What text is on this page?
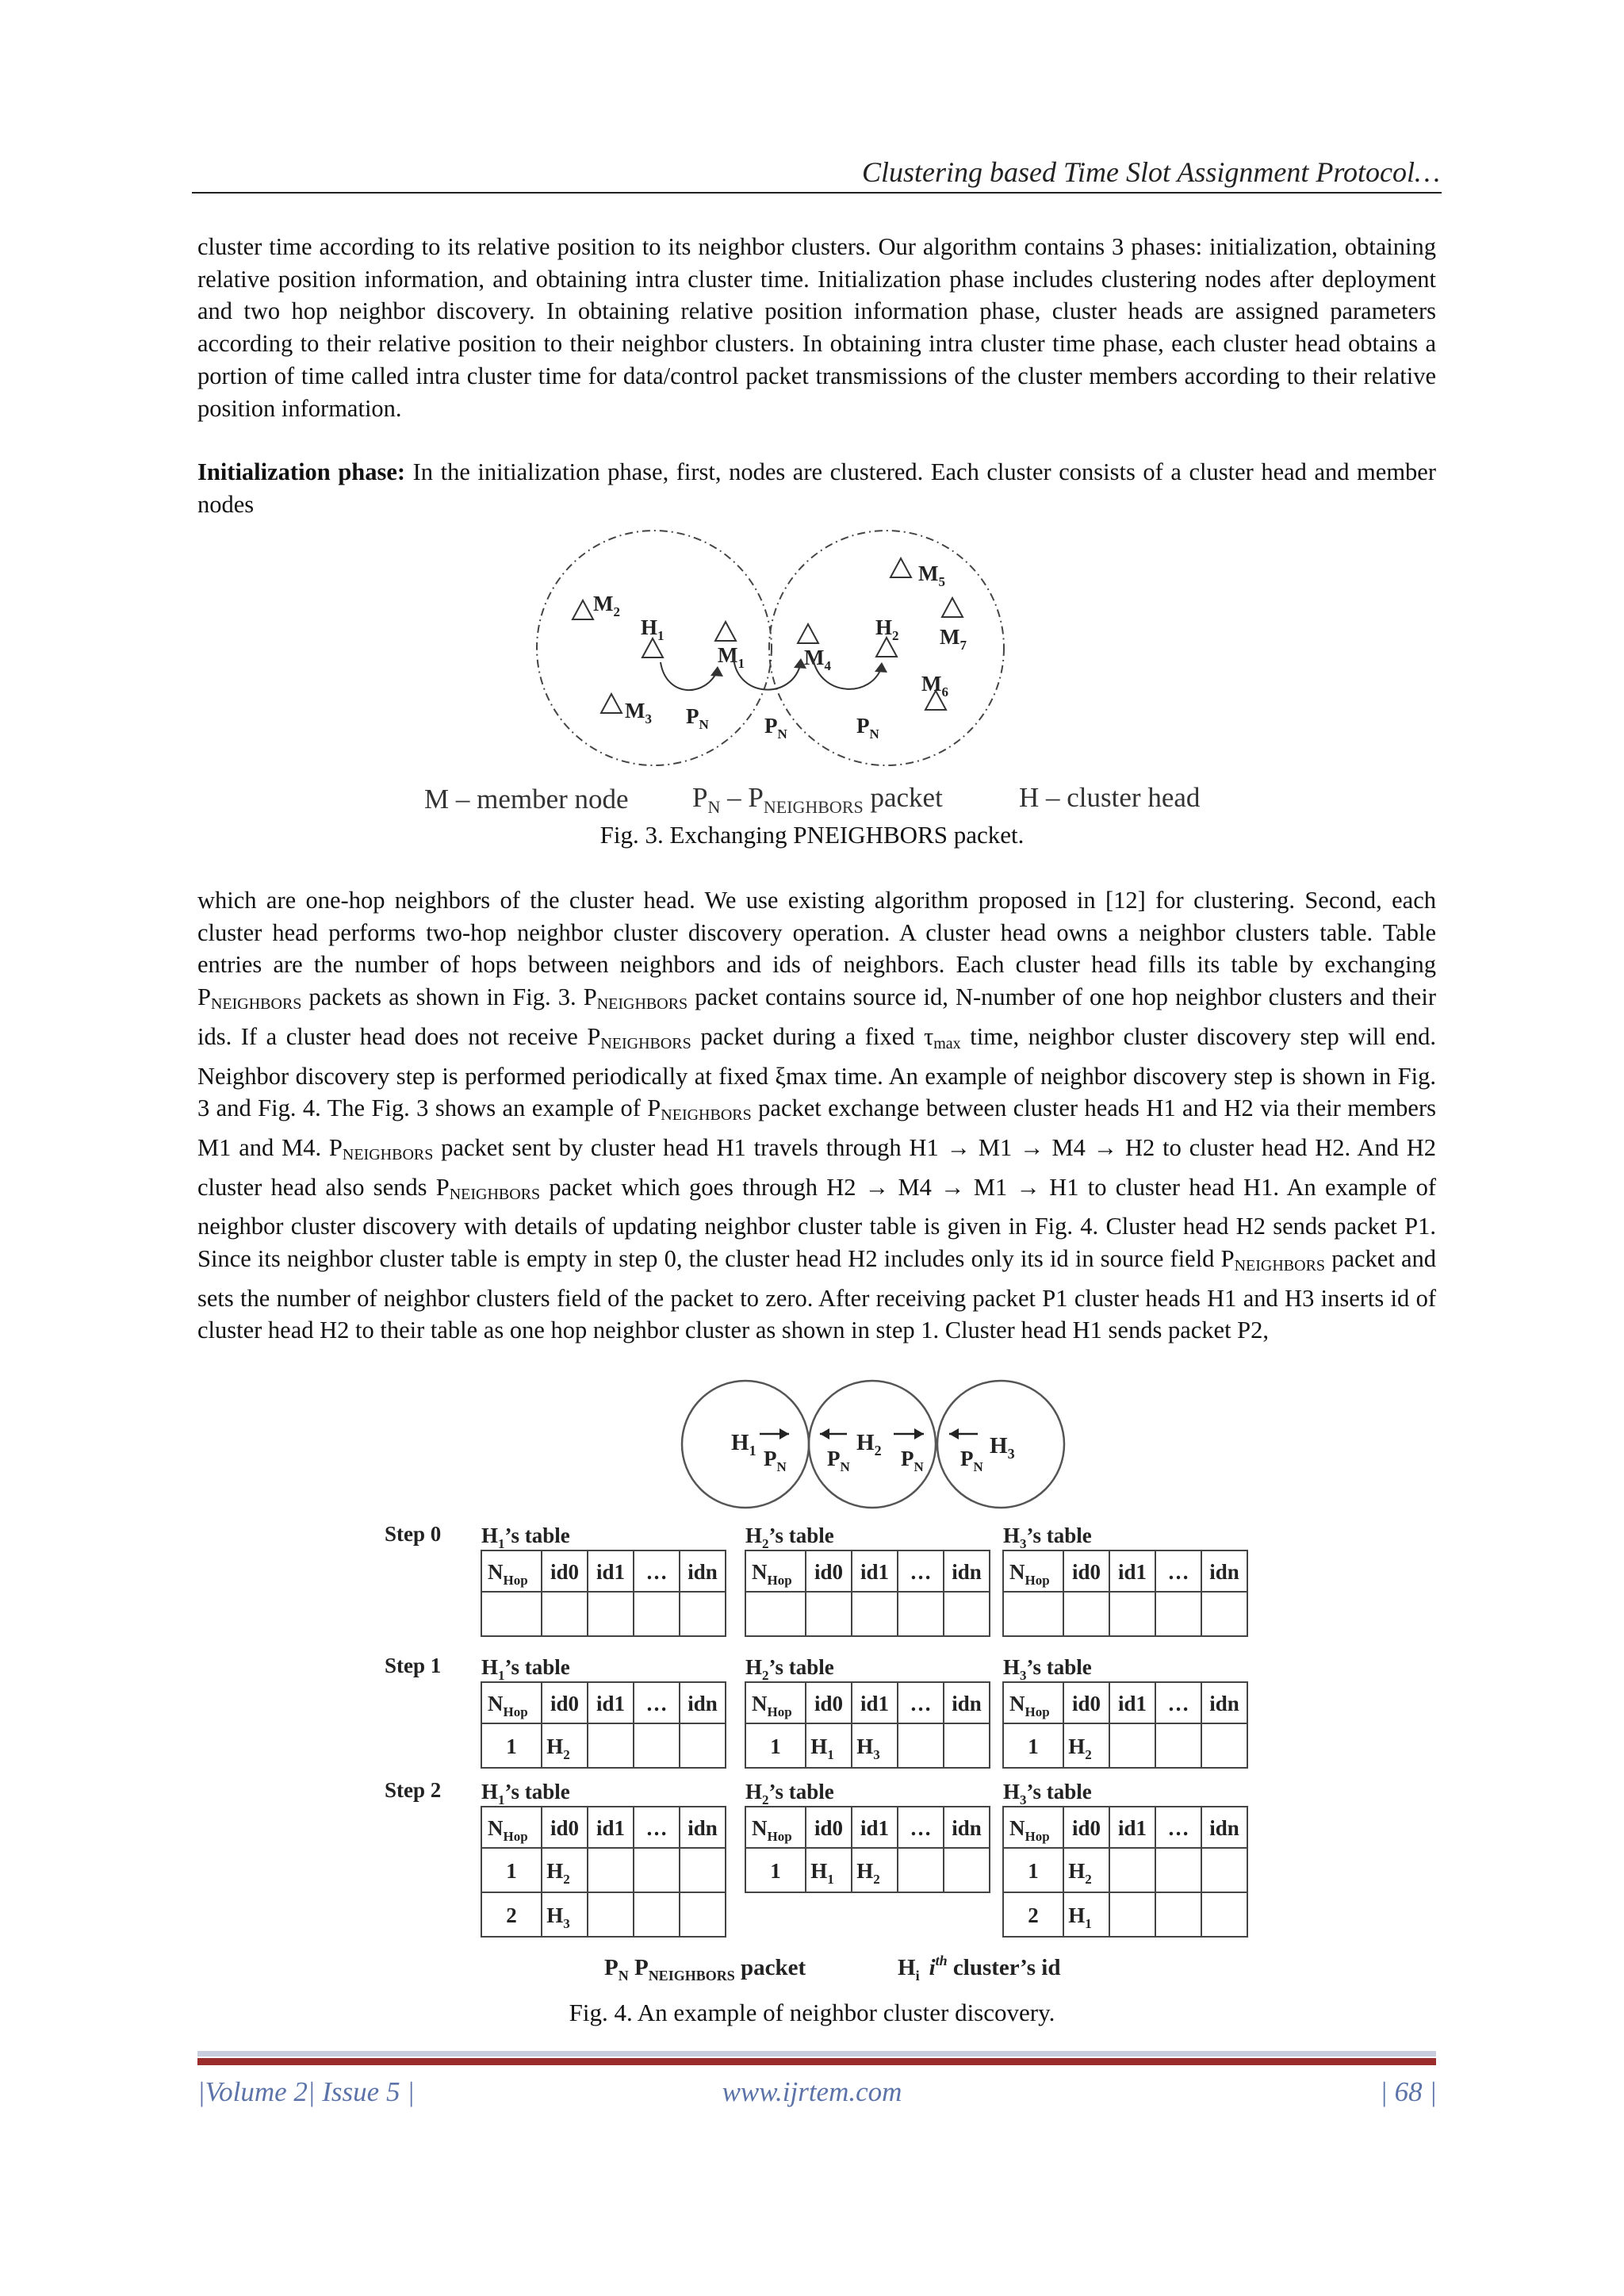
Clustering based Time Slot Assignment Protocol…

cluster time according to its relative position to its neighbor clusters. Our algorithm contains 3 phases: initialization, obtaining relative position information, and obtaining intra cluster time. Initialization phase includes clustering nodes after deployment and two hop neighbor discovery. In obtaining relative position information phase, cluster heads are assigned parameters according to their relative position to their neighbor clusters. In obtaining intra cluster time phase, each cluster head obtains a portion of time called intra cluster time for data/control packet transmissions of the cluster members according to their relative position information.

Initialization phase: In the initialization phase, first, nodes are clustered. Each cluster consists of a cluster head and member nodes

$M_2$
$H_1$
$M_3$
$M_1$	$M_4$
$H_2$
$M_5$
$M_7$
$M_6$
$P_N$	$P_N$	$P_N$
M – member node $P_N - P_{NEIGHBORS}$ packet	H – cluster head

Fig. 3. Exchanging PNEIGHBORS packet.

which are one-hop neighbors of the cluster head. We use existing algorithm proposed in [12] for clustering. Second, each cluster head performs two-hop neighbor cluster discovery operation. A cluster head owns a neighbor clusters table. Table entries are the number of hops between neighbors and ids of neighbors. Each cluster head fills its table by exchanging $P_{NEIGHBORS}$ packets as shown in Fig. 3. $P_{NEIGHBORS}$ packet contains source id, N-number of one hop neighbor clusters and their ids. If a cluster head does not receive $P_{NEIGHBORS}$ packet during a fixed $\tau_{max}$ time, neighbor cluster discovery step will end. Neighbor discovery step is performed periodically at fixed ξmax time. An example of neighbor discovery step is shown in Fig. 3 and Fig. 4. The Fig. 3 shows an example of $P_{NEIGHBORS}$ packet exchange between cluster heads H1 and H2 via their members M1 and M4. $P_{NEIGHBORS}$ packet sent by cluster head H1 travels through H1 → M1 → M4 → H2 to cluster head H2. And H2 cluster head also sends $P_{NEIGHBORS}$ packet which goes through H2 → M4 → M1 → H1 to cluster head H1. An example of neighbor cluster discovery with details of updating neighbor cluster table is given in Fig. 4. Cluster head H2 sends packet P1. Since its neighbor cluster table is empty in step 0, the cluster head H2 includes only its id in source field $P_{NEIGHBORS}$ packet and sets the number of neighbor clusters field of the packet to zero. After receiving packet P1 cluster heads H1 and H3 inserts id of cluster head H2 to their table as one hop neighbor cluster as shown in step 1. Cluster head H1 sends packet P2,

$H_1$	$H_2$	$H_3$
$P_N$ $P_N$ $P_N$ $P_N$
Step 0 $H_1’s$ table
$N_{Hop}$ id0 id1 … idn
$H_2’s$ table
$N_{Hop}$ id0 id1 … idn
$H_3’s$ table
$N_{Hop}$ id0 id1 … idn
Step 1 $H_1’s$ table
$N_{Hop}$ id0 id1 … idn
1 $H_2$
$H_2’s$ table
$N_{Hop}$ id0 id1 … idn
1 $H_1$ $H_3$
$H_3’s$ table
$N_{Hop}$ id0 id1 … idn
1 $H_2$
Step 2 $H_1’s$ table
$N_{Hop}$ id0 id1 … idn
1 $H_2$
2 $H_3$
$H_2’s$ table
$N_{Hop}$ id0 id1 … idn
1 $H_1$ $H_2$
$H_3’s$ table
$N_{Hop}$ id0 id1 … idn
1 $H_2$
2 $H_1$
$P_N$ $P_{NEIGHBORS}$ packet	$H_i$ $i^{th}$ cluster’s id

Fig. 4. An example of neighbor cluster discovery.

|Volume 2| Issue 5 |	www.ijrtem.com	| 68 |
